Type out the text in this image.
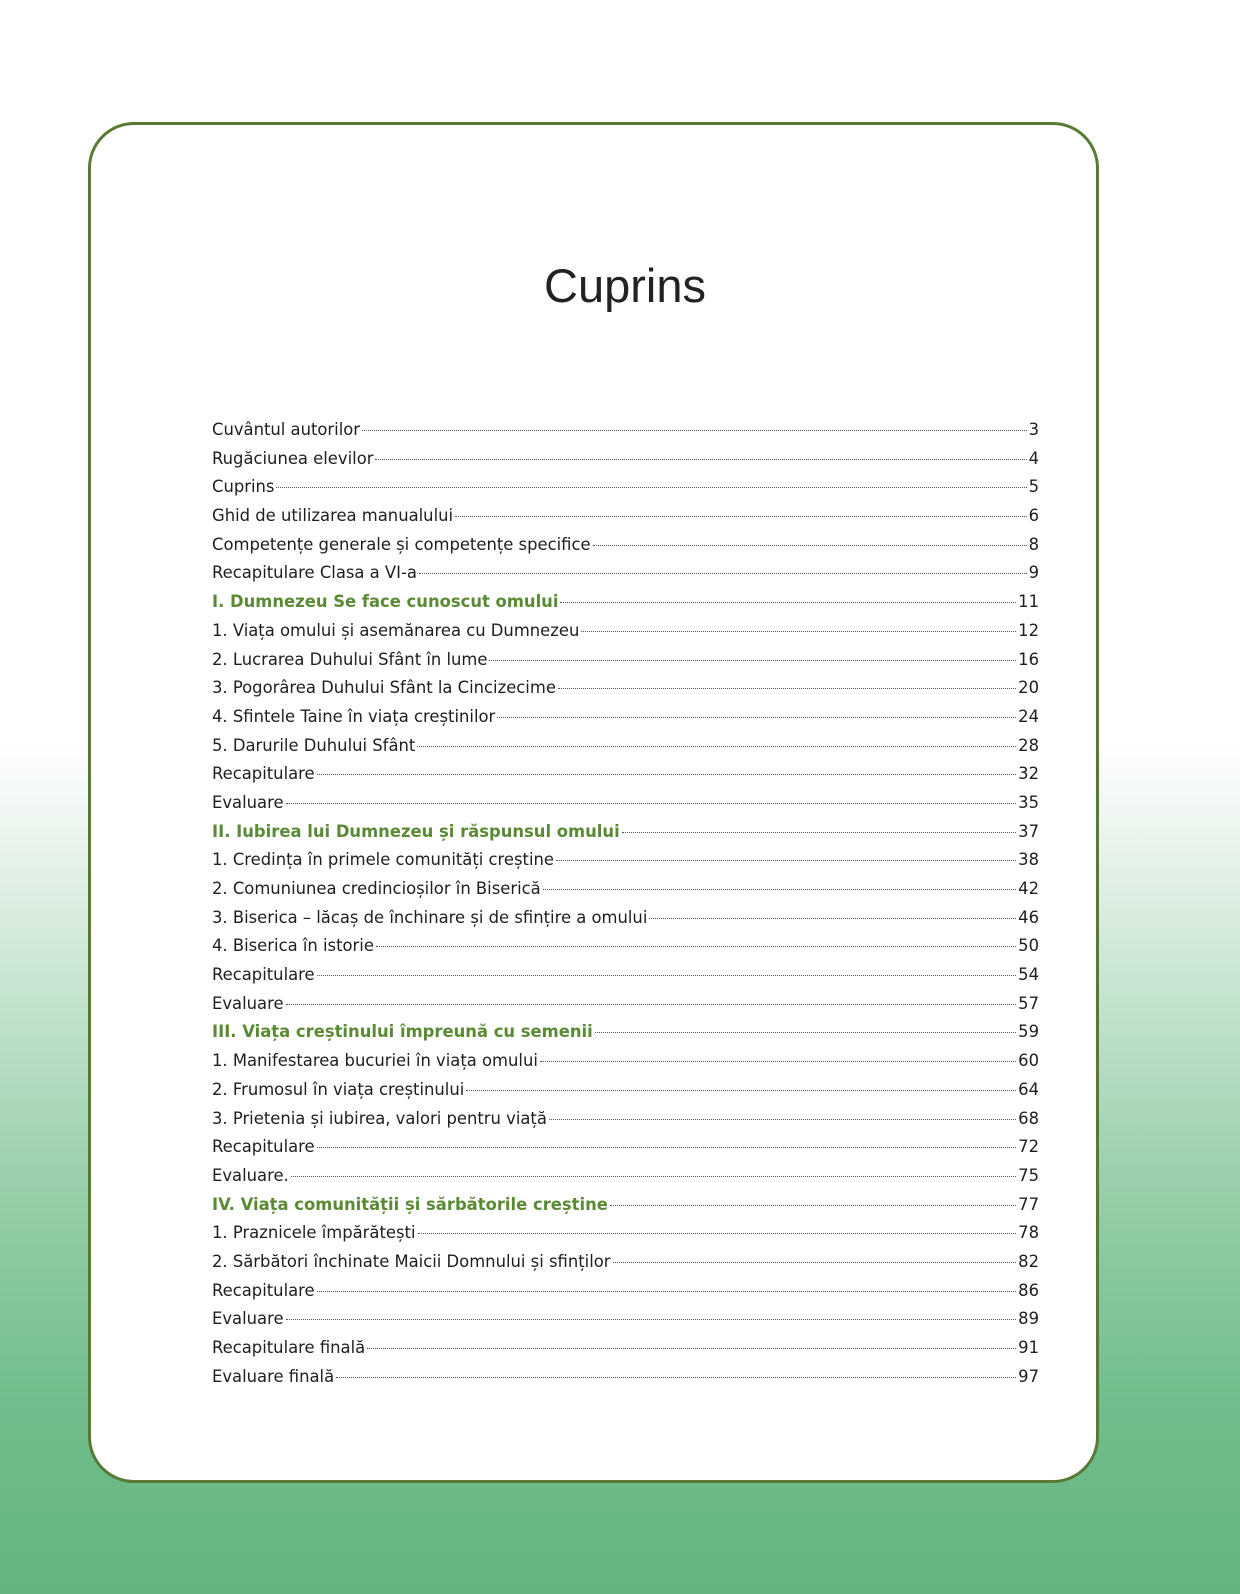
Cuprins
Cuvântul autorilor	3
Rugăciunea elevilor	4
Cuprins	5
Ghid de utilizarea manualului	6
Competențe generale și competențe specifice	8
Recapitulare Clasa a VI-a	9
I. Dumnezeu Se face cunoscut omului	11
1. Viața omului și asemănarea cu Dumnezeu	12
2. Lucrarea Duhului Sfânt în lume	16
3. Pogorârea Duhului Sfânt la Cincizecime	20
4. Sfintele Taine în viața creștinilor	24
5. Darurile Duhului Sfânt	28
Recapitulare	32
Evaluare	35
II. Iubirea lui Dumnezeu și răspunsul omului	37
1. Credința în primele comunități creștine	38
2. Comuniunea credincioșilor în Biserică	42
3. Biserica – lăcaș de închinare și de sfințire a omului	46
4. Biserica în istorie	50
Recapitulare	54
Evaluare	57
III. Viața creștinului împreună cu semenii	59
1. Manifestarea bucuriei în viața omului	60
2. Frumosul în viața creștinului	64
3. Prietenia și iubirea, valori pentru viață	68
Recapitulare	72
Evaluare.	75
IV. Viața comunității și sărbătorile creștine	77
1. Praznicele împărătești	78
2. Sărbători închinate Maicii Domnului și sfinților	82
Recapitulare	86
Evaluare	89
Recapitulare finală	91
Evaluare finală	97
